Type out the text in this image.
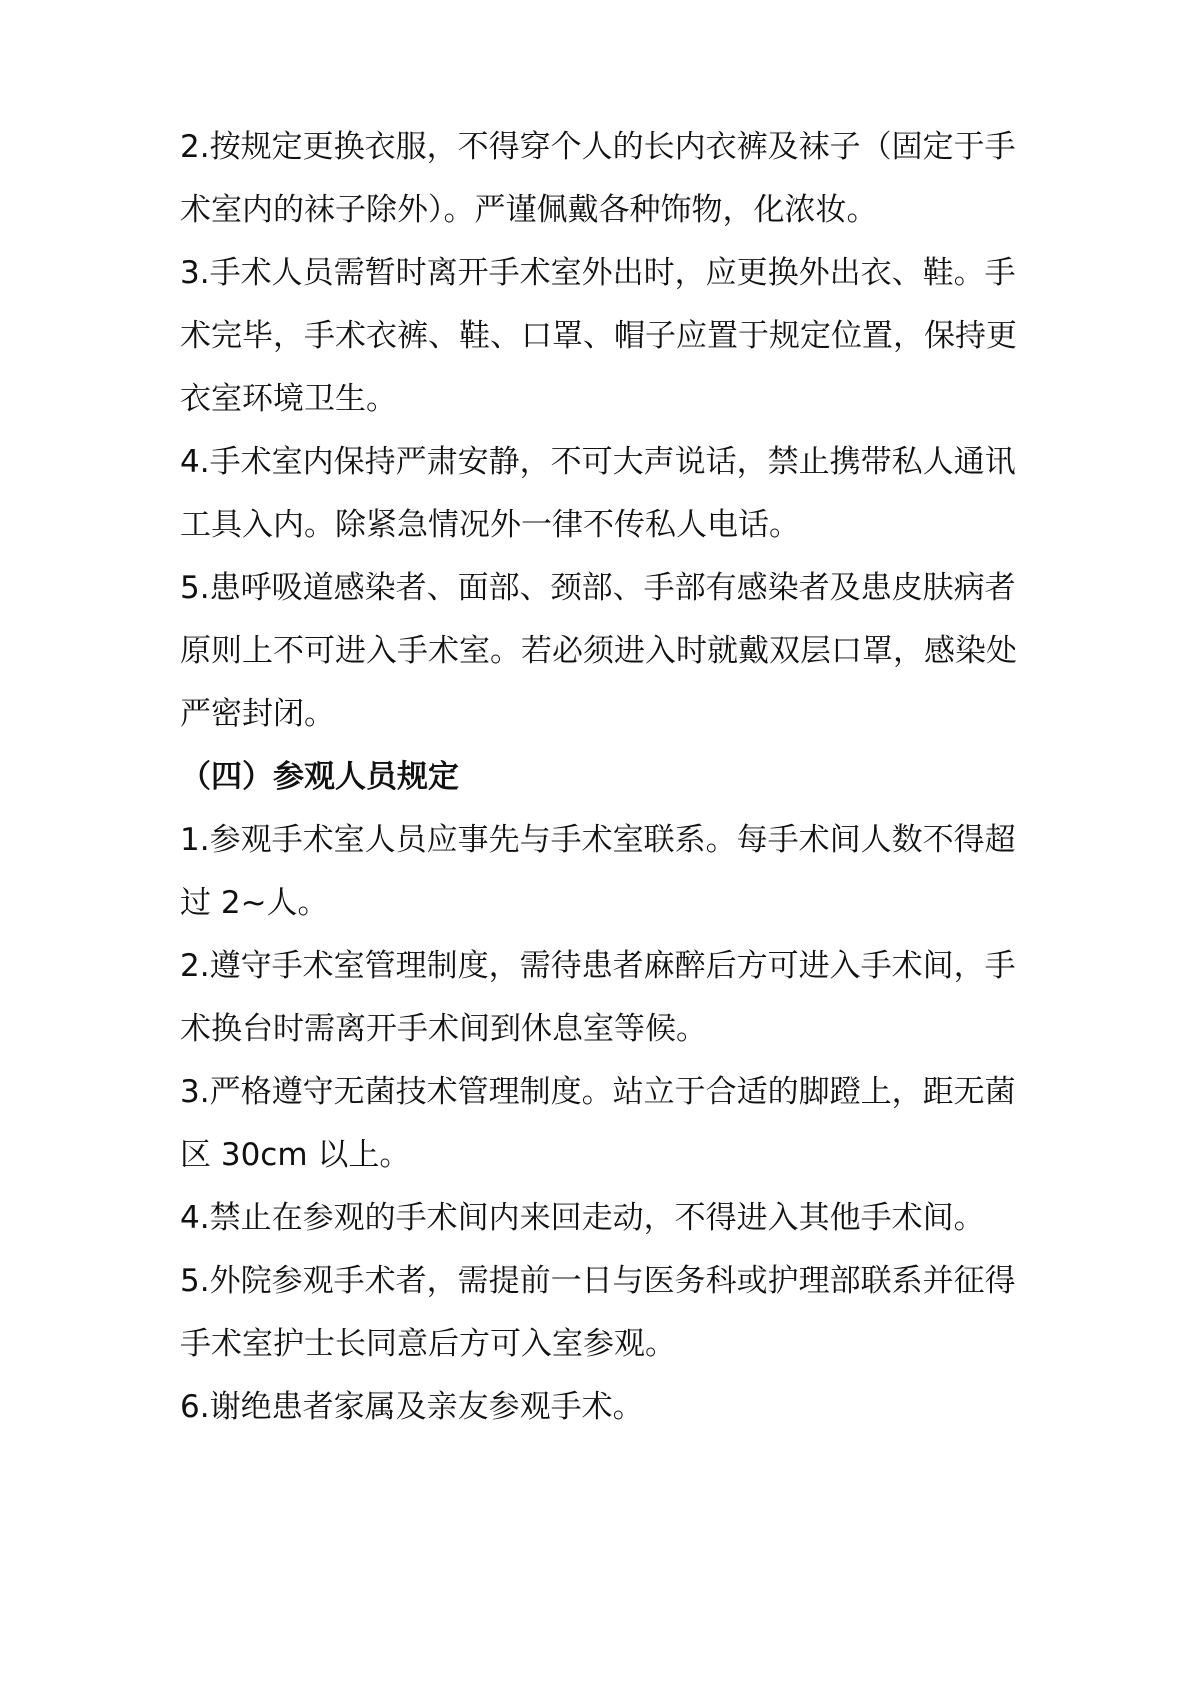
2.按规定更换衣服，不得穿个人的长内衣裤及袜子（固定于手术室内的袜子除外）。严谨佩戴各种饰物，化浓妆。

3.手术人员需暂时离开手术室外出时，应更换外出衣、鞋。手术完毕，手术衣裤、鞋、口罩、帽子应置于规定位置，保持更衣室环境卫生。

4.手术室内保持严肃安静，不可大声说话，禁止携带私人通讯工具入内。除紧急情况外一律不传私人电话。

5.患呼吸道感染者、面部、颈部、手部有感染者及患皮肤病者原则上不可进入手术室。若必须进入时就戴双层口罩，感染处严密封闭。

（四）参观人员规定

1.参观手术室人员应事先与手术室联系。每手术间人数不得超过 2~人。

2.遵守手术室管理制度，需待患者麻醉后方可进入手术间，手术换台时需离开手术间到休息室等候。

3.严格遵守无菌技术管理制度。站立于合适的脚蹬上，距无菌区 30cm 以上。

4.禁止在参观的手术间内来回走动，不得进入其他手术间。

5.外院参观手术者，需提前一日与医务科或护理部联系并征得手术室护士长同意后方可入室参观。

6.谢绝患者家属及亲友参观手术。
